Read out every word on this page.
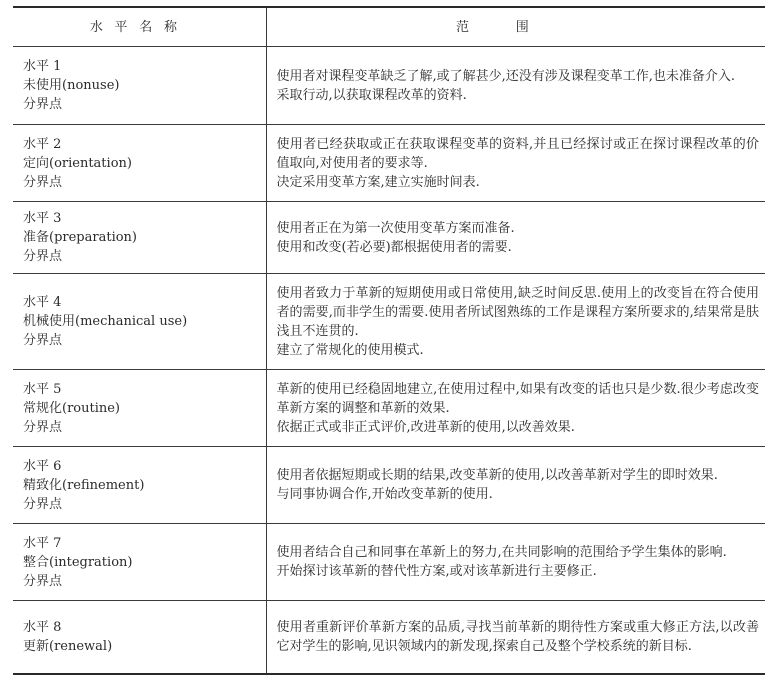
水平名称	范围

水平 1
未使用(nonuse)
分界点	使用者对课程变革缺乏了解,或了解甚少,还没有涉及课程变革工作,也未准备介入.
采取行动,以获取课程改革的资料.

水平 2
定向(orientation)
分界点	使用者已经获取或正在获取课程变革的资料,并且已经探讨或正在探讨课程改革的价值取向,对使用者的要求等.
决定采用变革方案,建立实施时间表.

水平 3
准备(preparation)
分界点	使用者正在为第一次使用变革方案而准备.
使用和改变(若必要)都根据使用者的需要.

水平 4
机械使用(mechanical use)
分界点	使用者致力于革新的短期使用或日常使用,缺乏时间反思.使用上的改变旨在符合使用者的需要,而非学生的需要.使用者所试图熟练的工作是课程方案所要求的,结果常是肤浅且不连贯的.
建立了常规化的使用模式.

水平 5
常规化(routine)
分界点	革新的使用已经稳固地建立,在使用过程中,如果有改变的话也只是少数.很少考虑改变革新方案的调整和革新的效果.
依据正式或非正式评价,改进革新的使用,以改善效果.

水平 6
精致化(refinement)
分界点	使用者依据短期或长期的结果,改变革新的使用,以改善革新对学生的即时效果.
与同事协调合作,开始改变革新的使用.

水平 7
整合(integration)
分界点	使用者结合自己和同事在革新上的努力,在共同影响的范围给予学生集体的影响.
开始探讨该革新的替代性方案,或对该革新进行主要修正.

水平 8
更新(renewal)	使用者重新评价革新方案的品质,寻找当前革新的期待性方案或重大修正方法,以改善它对学生的影响,见识领域内的新发现,探索自己及整个学校系统的新目标.
